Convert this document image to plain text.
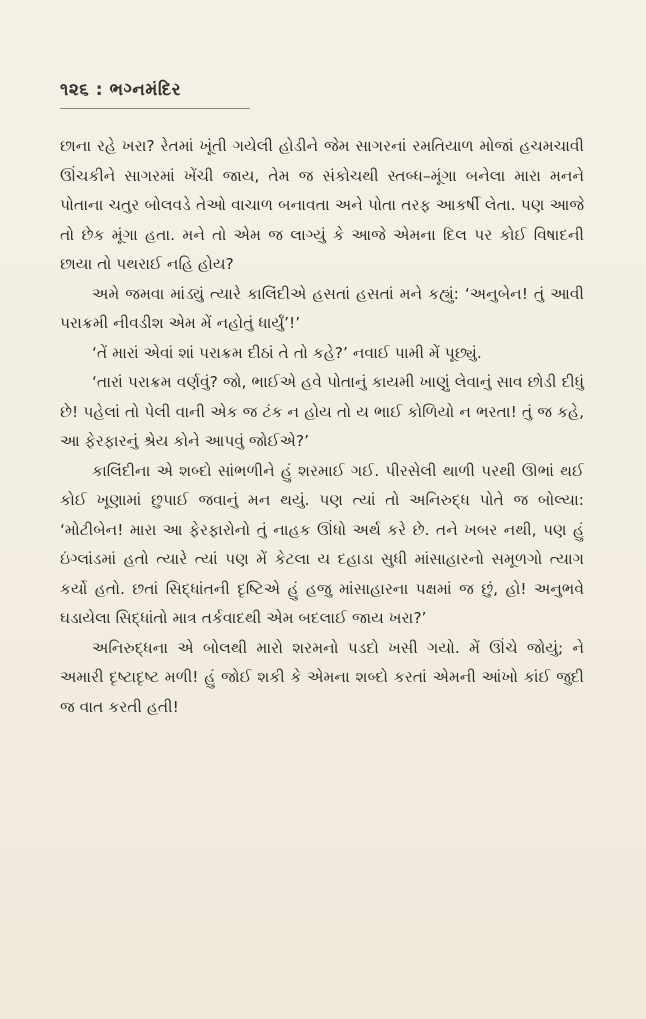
૧૨૬ : ભગ્નમંદિર

છાના રહે ખરા? રેતમાં ખૂંતી ગયેલી હોડીને જેમ સાગરનાં રમતિયાળ મોજાં હચમચાવી ઊંચકીને સાગરમાં ખેંચી જાય, તેમ જ સંકોચથી સ્તબ્ધ–મૂંગા બનેલા મારા મનને પોતાના ચતુર બોલવડે તેઓ વાચાળ બનાવતા અને પોતા તરફ આકર્ષી લેતા. પણ આજે તો છેક મૂંગા હતા. મને તો એમ જ લાગ્યું કે આજે એમના દિલ પર કોઈ વિષાદની છાયા તો પથરાઈ નહિ હોય?

અમે જમવા માંડ્યું ત્યારે કાલિંદીએ હસતાં હસતાં મને કહ્યું: ‘અનુબેન! તું આવી પરાક્રમી નીવડીશ એમ મેં નહોતું ધાર્યું’!’

‘તેં મારાં એવાં શાં પરાક્રમ દીઠાં તે તો કહે?’ નવાઈ પામી મેં પૂછ્યું.

‘તારાં પરાક્રમ વર્ણવું? જો, ભાઈએ હવે પોતાનું કાયમી ખાણું લેવાનું સાવ છોડી દીધું છે! પહેલાં તો પેલી વાની એક જ ટંક ન હોય તો ય ભાઈ કોળિયો ન ભરતા! તું જ કહે, આ ફેરફારનું શ્રેય કોને આપવું જોઈએ?’

કાલિંદીના એ શબ્દો સાંભળીને હું શરમાઈ ગઈ. પીરસેલી થાળી પરથી ઊભાં થઈ કોઈ ખૂણામાં છુપાઈ જવાનું મન થયું. પણ ત્યાં તો અનિરુદ્ધ પોતે જ બોલ્યા: ‘મોટીબેન! મારા આ ફેરફારોનો તું નાહક ઊંધો અર્થ કરે છે. તને ખબર નથી, પણ હું ઇંગ્લાંડમાં હતો ત્યારે ત્યાં પણ મેં કેટલા ય દહાડા સુધી માંસાહારનો સમૂળગો ત્યાગ કર્યો હતો. છતાં સિદ્ધાંતની દૃષ્ટિએ હું હજુ માંસાહારના પક્ષમાં જ છું, હો! અનુભવે ઘડાયેલા સિદ્ધાંતો માત્ર તર્કવાદથી એમ બદલાઈ જાય ખરા?’

અનિરુદ્ધના એ બોલથી મારો શરમનો પડદો ખસી ગયો. મેં ઊંચે જોયું; ને અમારી દૃષ્ટાદૃષ્ટ મળી! હું જોઈ શકી કે એમના શબ્દો કરતાં એમની આંખો કાંઈ જુદી જ વાત કરતી હતી!
